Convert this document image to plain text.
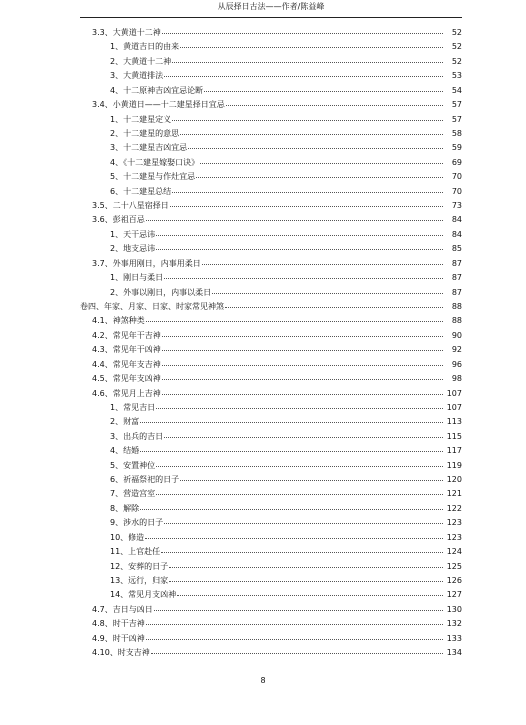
从辰择日古法——作者/陈益峰
3.3、大黄道十二神	52
1、黄道吉日的由来	52
2、大黄道十二神	52
3、大黄道排法	53
4、十二原神吉凶宜忌论断	54
3.4、小黄道日——十二建星择日宜忌	57
1、十二建星定义	57
2、十二建星的意思	58
3、十二建星吉凶宜忌	59
4、《十二建星嫁娶口诀》	69
5、十二建星与作灶宜忌	70
6、十二建星总结	70
3.5、二十八星宿择日	73
3.6、彭祖百忌	84
1、天干忌讳	84
2、地支忌讳	85
3.7、外事用刚日，内事用柔日	87
1、刚日与柔日	87
2、外事以刚日，内事以柔日	87
卷四、年家、月家、日家、时家常见神煞	88
4.1、神煞种类	88
4.2、常见年干吉神	90
4.3、常见年干凶神	92
4.4、常见年支吉神	96
4.5、常见年支凶神	98
4.6、常见月上吉神	107
1、常见吉日	107
2、财富	113
3、出兵的吉日	115
4、结婚	117
5、安置神位	119
6、祈福祭祀的日子	120
7、营造宫室	121
8、解除	122
9、涉水的日子	123
10、修造	123
11、上官赴任	124
12、安葬的日子	125
13、远行，归家	126
14、常见月支凶神	127
4.7、吉日与凶日	130
4.8、时干吉神	132
4.9、时干凶神	133
4.10、时支吉神	134
8
